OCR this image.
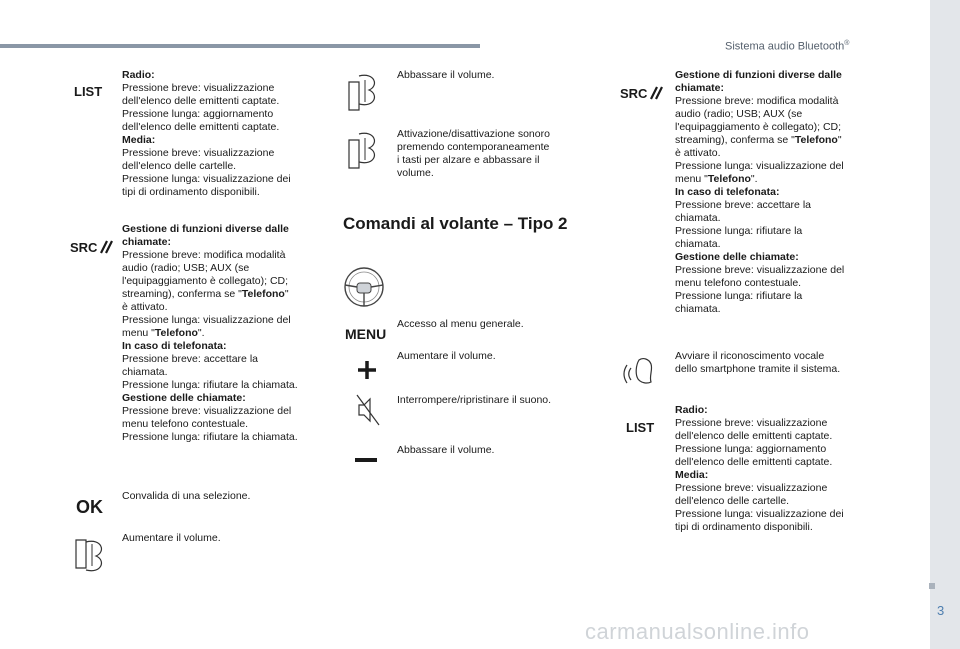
Sistema audio Bluetooth®
LIST

Radio:

Pressione breve: visualizzazione

dell'elenco delle emittenti captate.

Pressione lunga: aggiornamento

dell'elenco delle emittenti captate.

Media:

Pressione breve: visualizzazione

dell'elenco delle cartelle.

Pressione lunga: visualizzazione dei

tipi di ordinamento disponibili.

SRC

Gestione di funzioni diverse dalle

chiamate:

Pressione breve: modifica modalità

audio (radio; USB; AUX (se

l'equipaggiamento è collegato); CD;

streaming), conferma se "Telefono"

è attivato.

Pressione lunga: visualizzazione del

menu "Telefono".

In caso di telefonata:

Pressione breve: accettare la

chiamata.

Pressione lunga: rifiutare la chiamata.

Gestione delle chiamate:

Pressione breve: visualizzazione del

menu telefono contestuale.

Pressione lunga: rifiutare la chiamata.

OK
Convalida di una selezione.
Aumentare il volume.
Abbassare il volume.

Attivazione/disattivazione sonoro

premendo contemporaneamente

i tasti per alzare e abbassare il

volume.

Comandi al volante – Tipo 2
MENU
Accesso al menu generale.
Aumentare il volume.
Interrompere/ripristinare il suono.
Abbassare il volume.
SRC

Gestione di funzioni diverse dalle

chiamate:

Pressione breve: modifica modalità

audio (radio; USB; AUX (se

l'equipaggiamento è collegato); CD;

streaming), conferma se "Telefono"

è attivato.

Pressione lunga: visualizzazione del

menu "Telefono".

In caso di telefonata:

Pressione breve: accettare la

chiamata.

Pressione lunga: rifiutare la

chiamata.

Gestione delle chiamate:

Pressione breve: visualizzazione del

menu telefono contestuale.

Pressione lunga: rifiutare la

chiamata.

Avviare il riconoscimento vocale

dello smartphone tramite il sistema.

LIST

Radio:

Pressione breve: visualizzazione

dell'elenco delle emittenti captate.

Pressione lunga: aggiornamento

dell'elenco delle emittenti captate.

Media:

Pressione breve: visualizzazione

dell'elenco delle cartelle.

Pressione lunga: visualizzazione dei

tipi di ordinamento disponibili.

3
carmanualsonline.info
